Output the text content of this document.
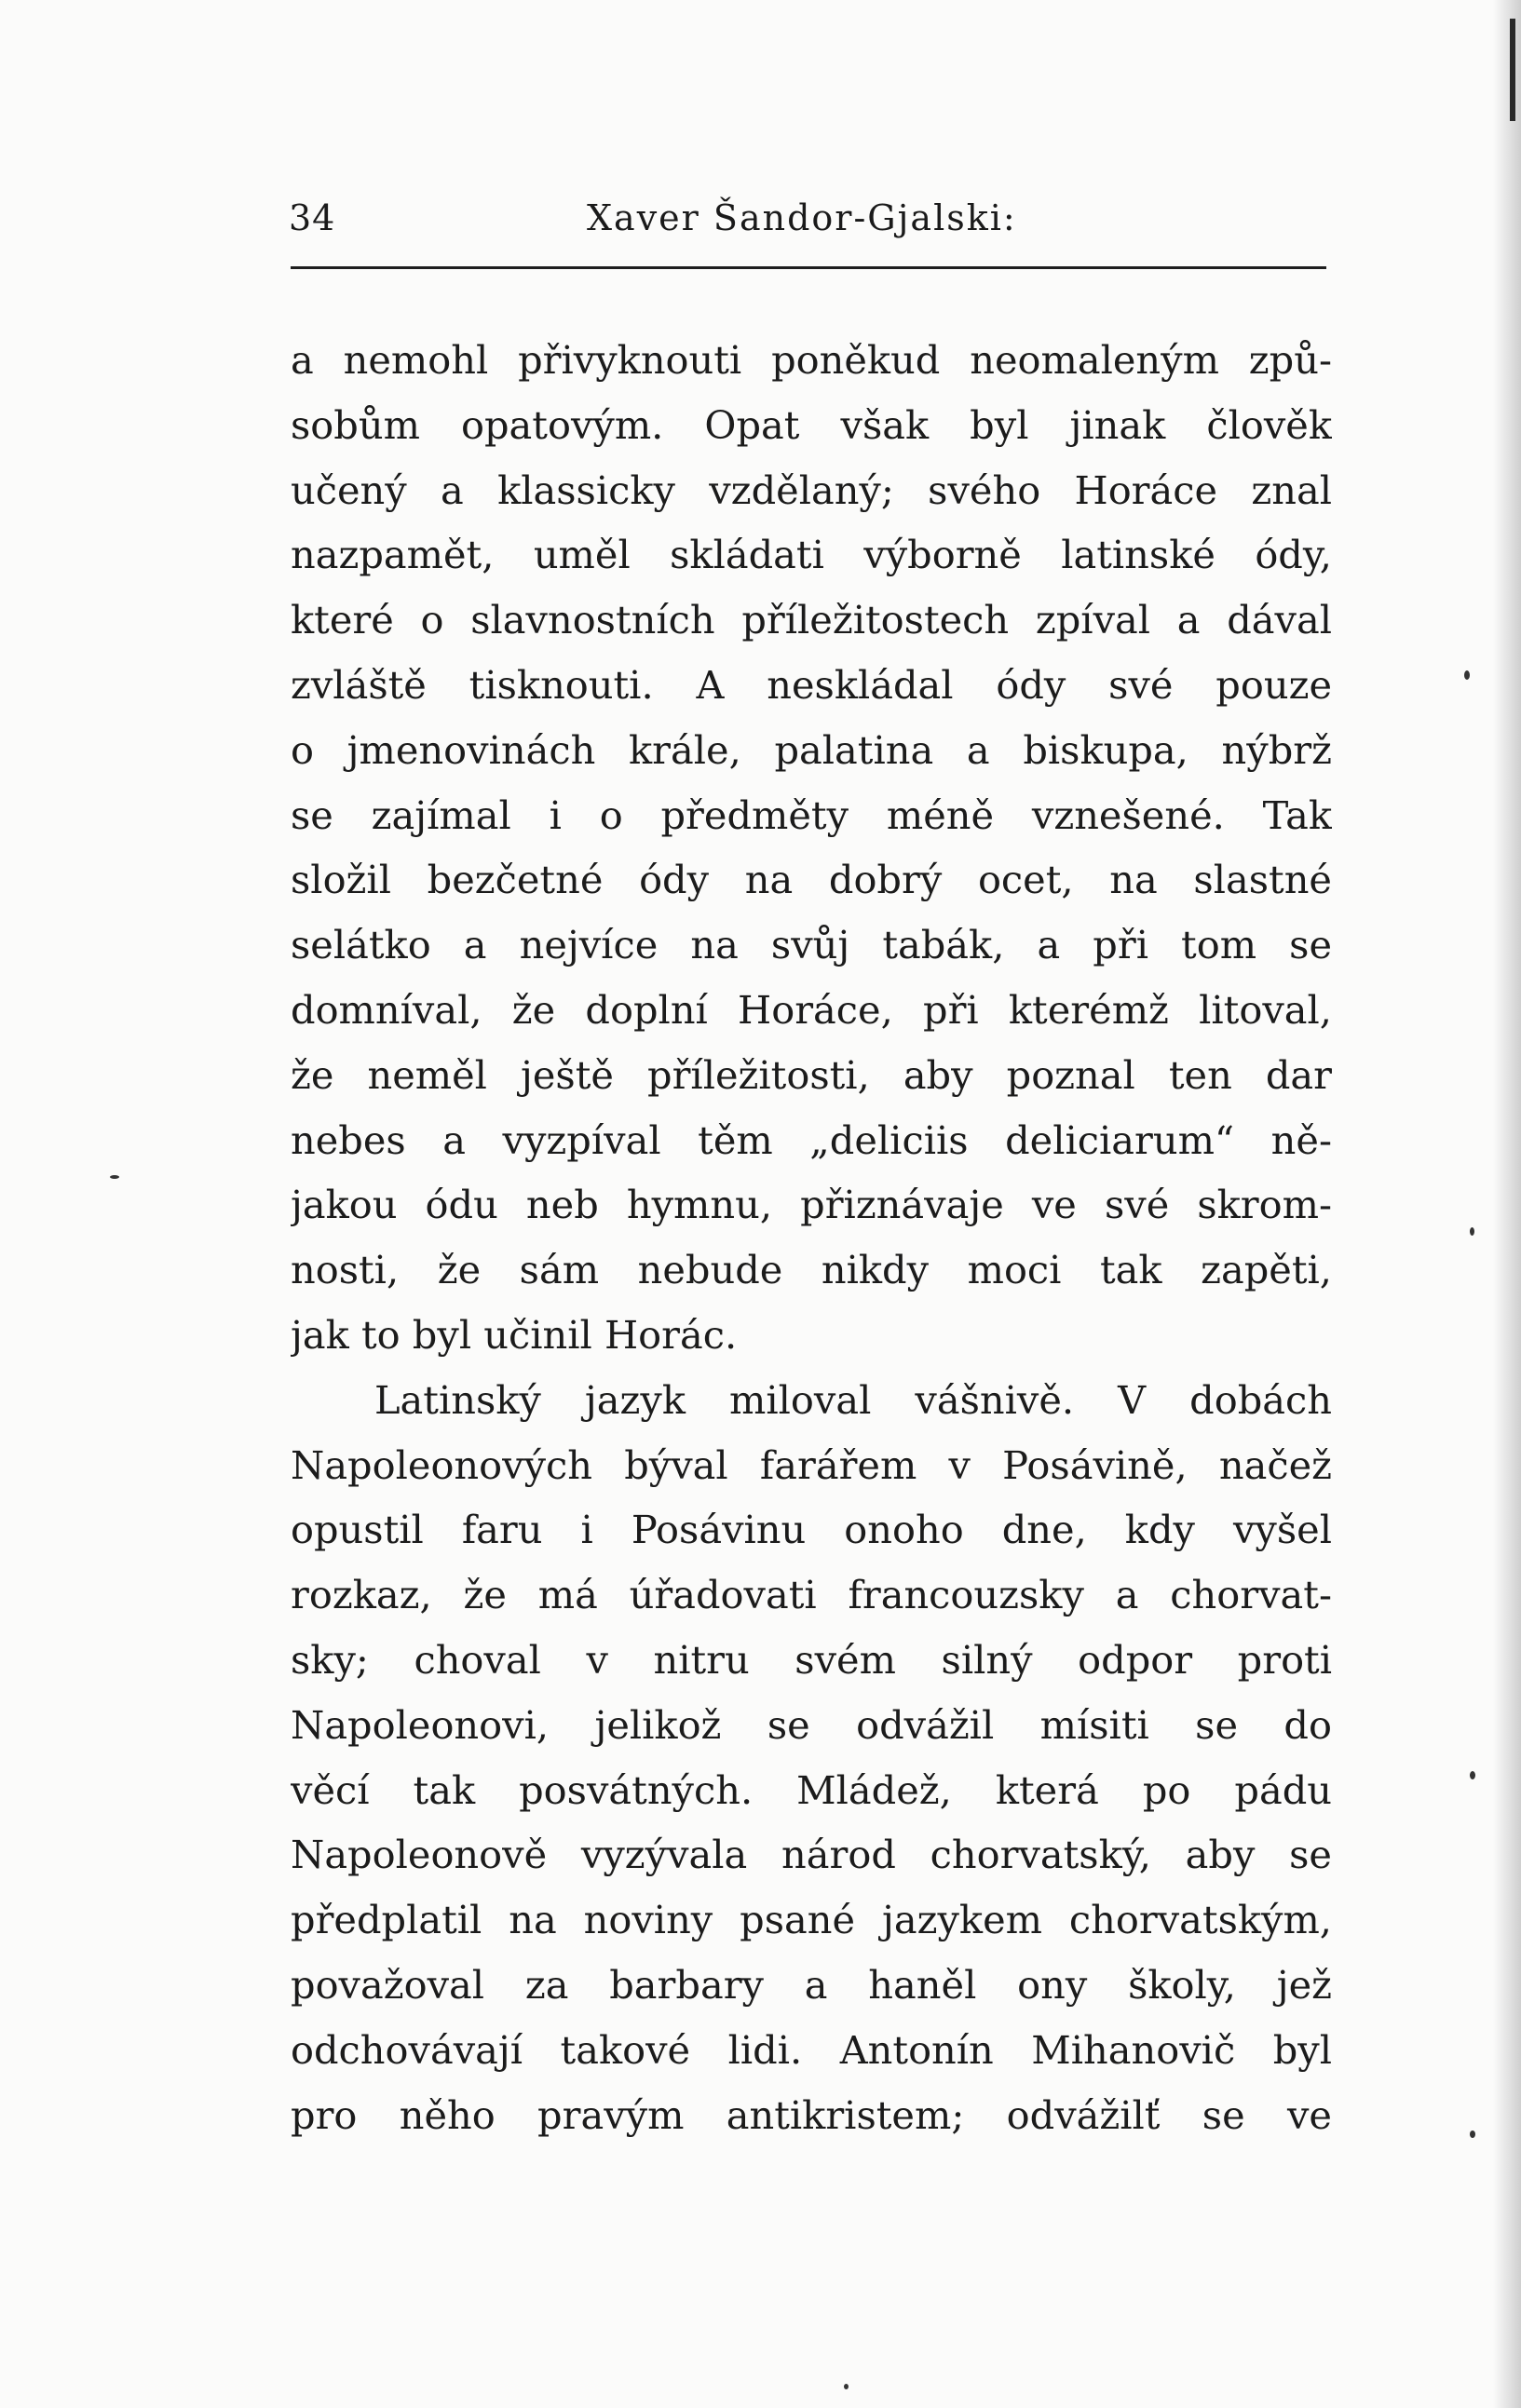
34	Xaver Šandor-Gjalski:
a nemohl přivyknouti poněkud neomaleným způ-
sobům opatovým. Opat však byl jinak člověk
učený a klassicky vzdělaný; svého Horáce znal
nazpamět, uměl skládati výborně latinské ódy,
které o slavnostních příležitostech zpíval a dával
zvláště tisknouti. A neskládal ódy své pouze
o jmenovinách krále, palatina a biskupa, nýbrž
se zajímal i o předměty méně vznešené. Tak
složil bezčetné ódy na dobrý ocet, na slastné
selátko a nejvíce na svůj tabák, a při tom se
domníval, že doplní Horáce, při kterémž litoval,
že neměl ještě příležitosti, aby poznal ten dar
nebes a vyzpíval těm „deliciis deliciarum“ ně-
jakou ódu neb hymnu, přiznávaje ve své skrom-
nosti, že sám nebude nikdy moci tak zapěti,
jak to byl učinil Horác.
Latinský jazyk miloval vášnivě. V dobách
Napoleonových býval farářem v Posávině, načež
opustil faru i Posávinu onoho dne, kdy vyšel
rozkaz, že má úřadovati francouzsky a chorvat-
sky; choval v nitru svém silný odpor proti
Napoleonovi, jelikož se odvážil mísiti se do
věcí tak posvátných. Mládež, která po pádu
Napoleonově vyzývala národ chorvatský, aby se
předplatil na noviny psané jazykem chorvatským,
považoval za barbary a haněl ony školy, jež
odchovávají takové lidi. Antonín Mihanovič byl
pro něho pravým antikristem; odvážilť se ve
